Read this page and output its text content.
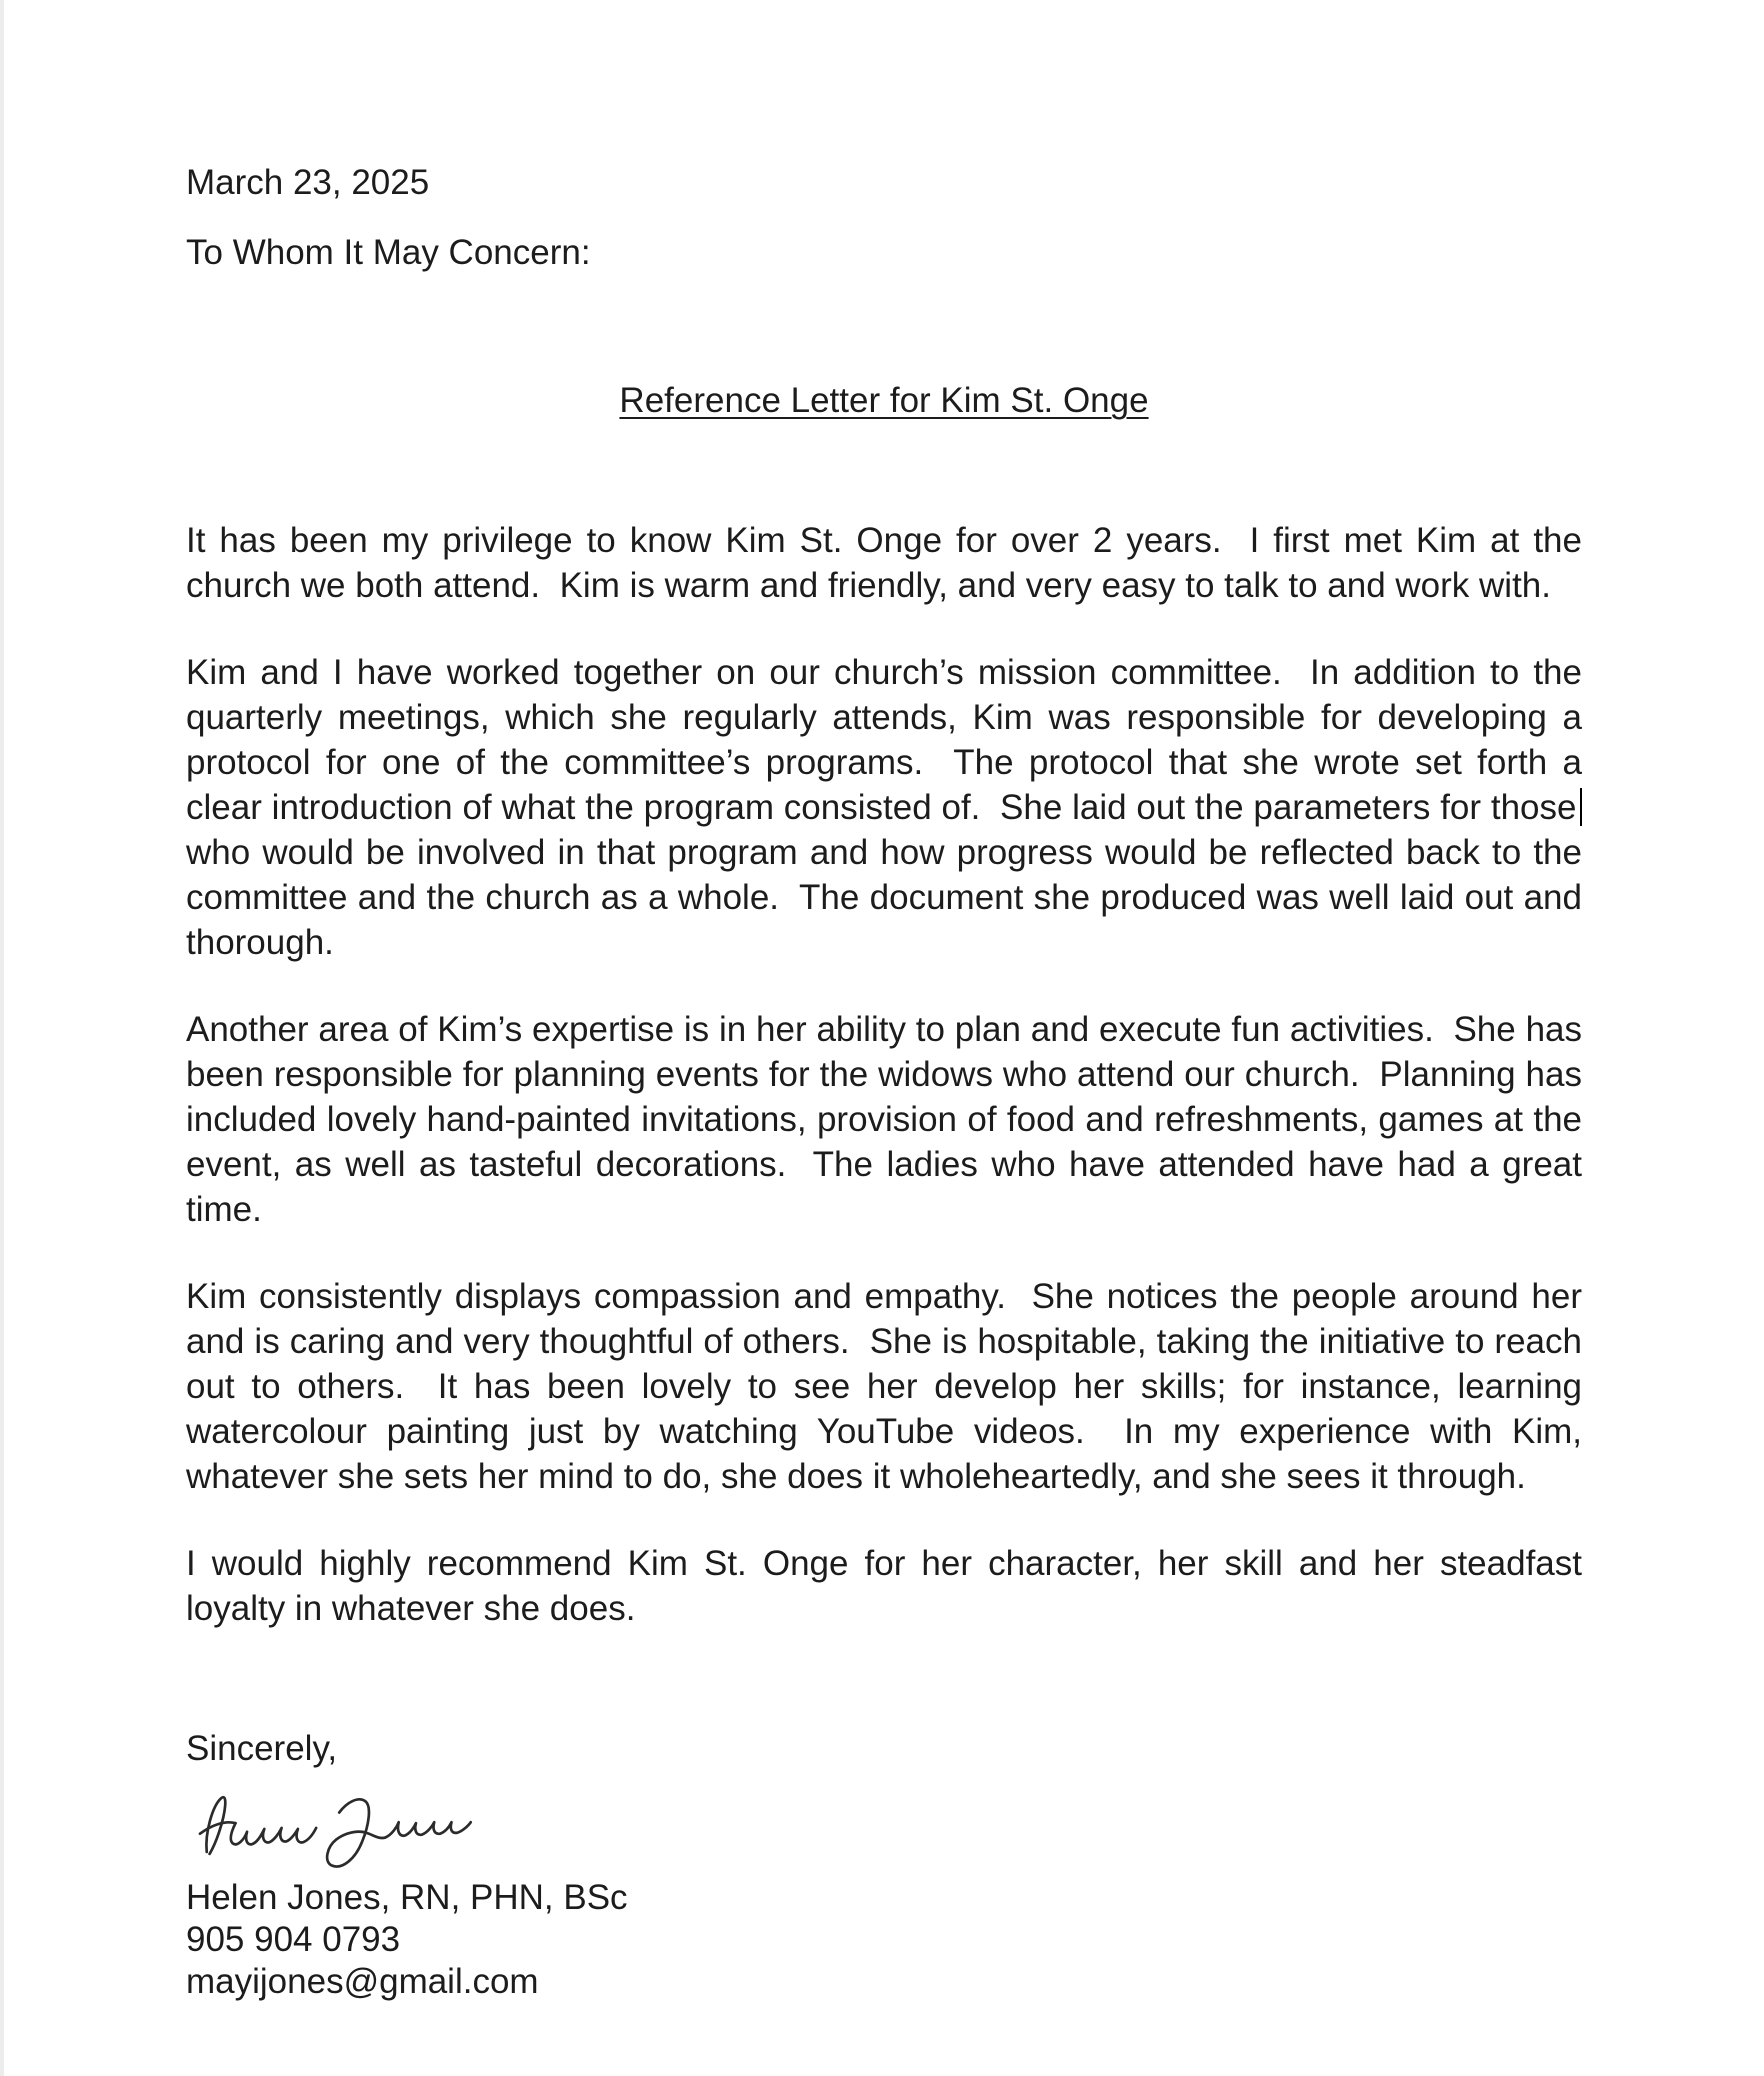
March 23, 2025
To Whom It May Concern:
Reference Letter for Kim St. Onge

It has been my privilege to know Kim St. Onge for over 2 years.  I first met Kim at the church we both attend.  Kim is warm and friendly, and very easy to talk to and work with.

Kim and I have worked together on our church’s mission committee.  In addition to the quarterly meetings, which she regularly attends, Kim was responsible for developing a protocol for one of the committee’s programs.  The protocol that she wrote set forth a clear introduction of what the program consisted of.  She laid out the parameters for those who would be involved in that program and how progress would be reflected back to the committee and the church as a whole.  The document she produced was well laid out and thorough.

Another area of Kim’s expertise is in her ability to plan and execute fun activities.  She has been responsible for planning events for the widows who attend our church.  Planning has included lovely hand-painted invitations, provision of food and refreshments, games at the event, as well as tasteful decorations.  The ladies who have attended have had a great time.

Kim consistently displays compassion and empathy.  She notices the people around her and is caring and very thoughtful of others.  She is hospitable, taking the initiative to reach out to others.  It has been lovely to see her develop her skills; for instance, learning watercolour painting just by watching YouTube videos.  In my experience with Kim, whatever she sets her mind to do, she does it wholeheartedly, and she sees it through.

I would highly recommend Kim St. Onge for her character, her skill and her steadfast loyalty in whatever she does.

Sincerely,
Helen Jones, RN, PHN, BSc
905 904 0793
mayijones@gmail.com
